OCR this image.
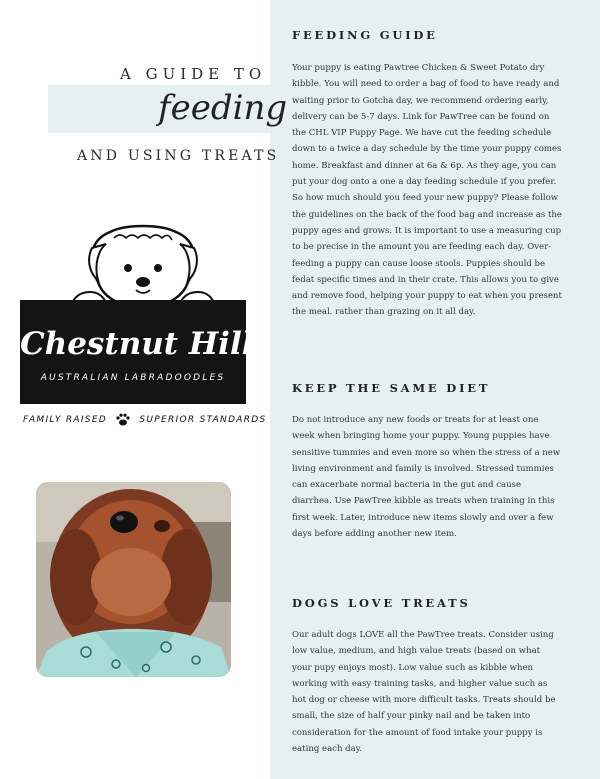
A GUIDE TO
feeding
AND USING TREATS
Chestnut Hill
AUSTRALIAN LABRADOODLES
FAMILY RAISED	SUPERIOR STANDARDS
FEEDING GUIDE

Your puppy is eating Pawtree Chicken & Sweet Potato dry kibble. You will need to order a bag of food to have ready and waiting prior to Gotcha day, we recommend ordering early, delivery can be 5-7 days. Link for PawTree can be found on the CHL VIP Puppy Page. We have cut the feeding schedule down to a twice a day schedule by the time your puppy comes home. Breakfast and dinner at 6a & 6p. As they age, you can put your dog onto a one a day feeding schedule if you prefer. So how much should you feed your new puppy? Please follow the guidelines on the back of the food bag and increase as the puppy ages and grows. It is important to use a measuring cup to be precise in the amount you are feeding each day. Over-feeding a puppy can cause loose stools. Puppies should be fedat specific times and in their crate. This allows you to give and remove food, helping your puppy to eat when you present the meal. rather than grazing on it all day.

KEEP THE SAME DIET

Do not introduce any new foods or treats for at least one week when bringing home your puppy. Young puppies have sensitive tummies and even more so when the stress of a new living environment and family is involved. Stressed tummies can exacerbate normal bacteria in the gut and cause diarrhea. Use PawTree kibble as treats when training in this first week. Later, introduce new items slowly and over a few days before adding another new item.

DOGS LOVE TREATS

Our adult dogs LOVE all the PawTree treats. Consider using low value, medium, and high value treats (based on what your pupy enjoys most). Low value such as kibble when working with easy training tasks, and higher value such as hot dog or cheese with more difficult tasks. Treats should be small, the size of half your pinky nail and be taken into consideration for the amount of food intake your puppy is eating each day.
